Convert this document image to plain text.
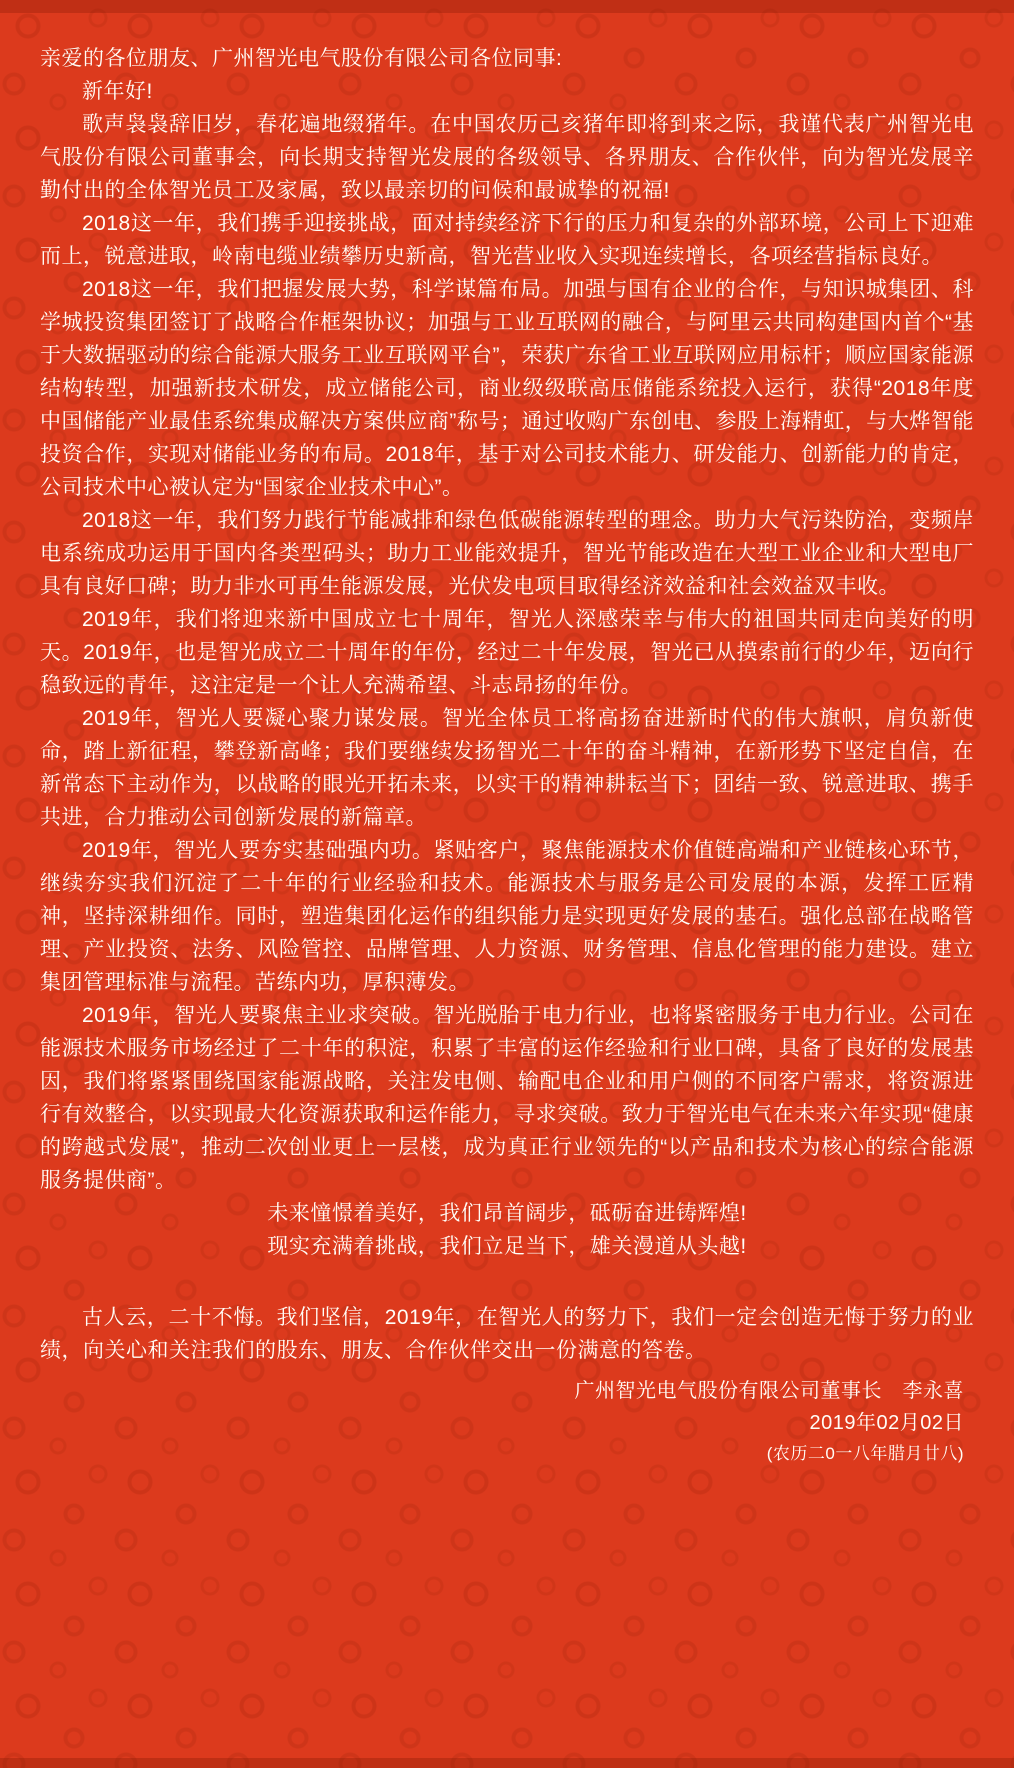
亲爱的各位朋友、广州智光电气股份有限公司各位同事:

新年好!

歌声袅袅辞旧岁，春花遍地缀猪年。在中国农历己亥猪年即将到来之际，我谨代表广州智光电气股份有限公司董事会，向长期支持智光发展的各级领导、各界朋友、合作伙伴，向为智光发展辛勤付出的全体智光员工及家属，致以最亲切的问候和最诚挚的祝福!

2018这一年，我们携手迎接挑战，面对持续经济下行的压力和复杂的外部环境，公司上下迎难而上，锐意进取，岭南电缆业绩攀历史新高，智光营业收入实现连续增长，各项经营指标良好。

2018这一年，我们把握发展大势，科学谋篇布局。加强与国有企业的合作，与知识城集团、科学城投资集团签订了战略合作框架协议；加强与工业互联网的融合，与阿里云共同构建国内首个“基于大数据驱动的综合能源大服务工业互联网平台”，荣获广东省工业互联网应用标杆；顺应国家能源结构转型，加强新技术研发，成立储能公司，商业级级联高压储能系统投入运行，获得“2018年度中国储能产业最佳系统集成解决方案供应商”称号；通过收购广东创电、参股上海精虹，与大烨智能投资合作，实现对储能业务的布局。2018年，基于对公司技术能力、研发能力、创新能力的肯定，公司技术中心被认定为“国家企业技术中心”。

2018这一年，我们努力践行节能减排和绿色低碳能源转型的理念。助力大气污染防治，变频岸电系统成功运用于国内各类型码头；助力工业能效提升，智光节能改造在大型工业企业和大型电厂具有良好口碑；助力非水可再生能源发展，光伏发电项目取得经济效益和社会效益双丰收。

2019年，我们将迎来新中国成立七十周年，智光人深感荣幸与伟大的祖国共同走向美好的明天。2019年，也是智光成立二十周年的年份，经过二十年发展，智光已从摸索前行的少年，迈向行稳致远的青年，这注定是一个让人充满希望、斗志昂扬的年份。

2019年，智光人要凝心聚力谋发展。智光全体员工将高扬奋进新时代的伟大旗帜，肩负新使命，踏上新征程，攀登新高峰；我们要继续发扬智光二十年的奋斗精神，在新形势下坚定自信，在新常态下主动作为，以战略的眼光开拓未来，以实干的精神耕耘当下；团结一致、锐意进取、携手共进，合力推动公司创新发展的新篇章。

2019年，智光人要夯实基础强内功。紧贴客户，聚焦能源技术价值链高端和产业链核心环节，继续夯实我们沉淀了二十年的行业经验和技术。能源技术与服务是公司发展的本源，发挥工匠精神，坚持深耕细作。同时，塑造集团化运作的组织能力是实现更好发展的基石。强化总部在战略管理、产业投资、法务、风险管控、品牌管理、人力资源、财务管理、信息化管理的能力建设。建立集团管理标准与流程。苦练内功，厚积薄发。

2019年，智光人要聚焦主业求突破。智光脱胎于电力行业，也将紧密服务于电力行业。公司在能源技术服务市场经过了二十年的积淀，积累了丰富的运作经验和行业口碑，具备了良好的发展基因，我们将紧紧围绕国家能源战略，关注发电侧、输配电企业和用户侧的不同客户需求，将资源进行有效整合，以实现最大化资源获取和运作能力，寻求突破。致力于智光电气在未来六年实现“健康的跨越式发展”，推动二次创业更上一层楼，成为真正行业领先的“以产品和技术为核心的综合能源服务提供商”。

未来憧憬着美好，我们昂首阔步，砥砺奋进铸辉煌!

现实充满着挑战，我们立足当下，雄关漫道从头越!

古人云，二十不悔。我们坚信，2019年，在智光人的努力下，我们一定会创造无悔于努力的业绩，向关心和关注我们的股东、朋友、合作伙伴交出一份满意的答卷。

广州智光电气股份有限公司董事长　李永喜

2019年02月02日

(农历二0一八年腊月廿八)
